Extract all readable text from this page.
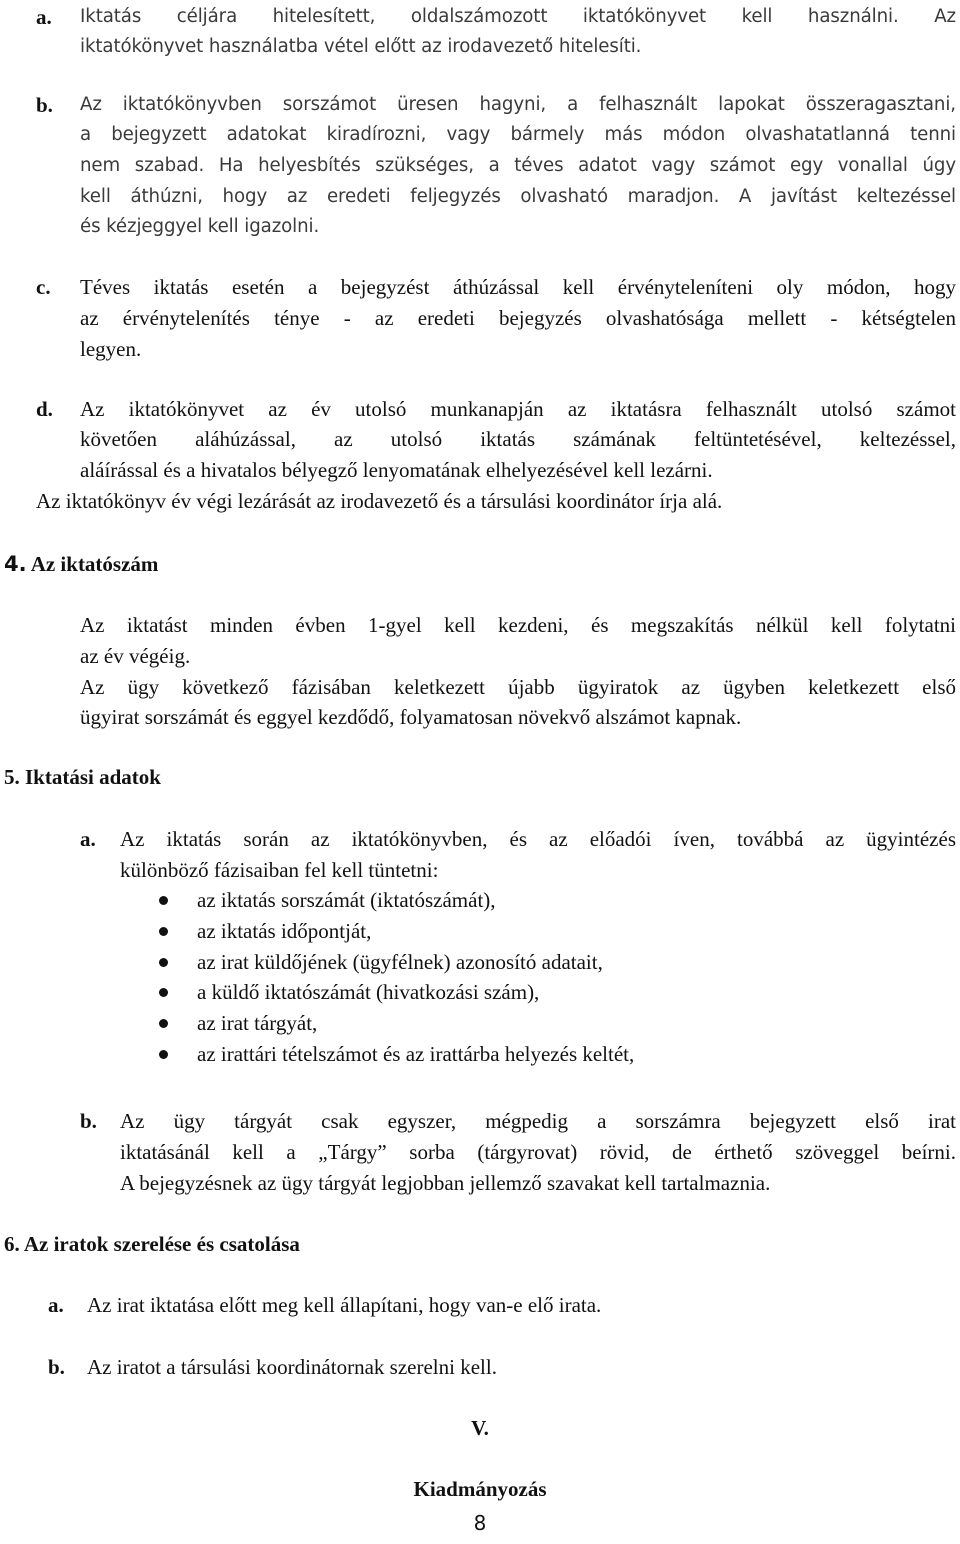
a. Iktatás céljára hitelesített, oldalszámozott iktatókönyvet kell használni. Az
iktatókönyvet használatba vétel előtt az irodavezető hitelesíti.
b. Az iktatókönyvben sorszámot üresen hagyni, a felhasznált lapokat összeragasztani,
a bejegyzett adatokat kiradírozni, vagy bármely más módon olvashatatlanná tenni
nem szabad. Ha helyesbítés szükséges, a téves adatot vagy számot egy vonallal úgy
kell áthúzni, hogy az eredeti feljegyzés olvasható maradjon. A javítást keltezéssel
és kézjeggyel kell igazolni.
c. Téves iktatás esetén a bejegyzést áthúzással kell érvényteleníteni oly módon, hogy
az érvénytelenítés ténye - az eredeti bejegyzés olvashatósága mellett - kétségtelen
legyen.
d. Az iktatókönyvet az év utolsó munkanapján az iktatásra felhasznált utolsó számot
követően aláhúzással, az utolsó iktatás számának feltüntetésével, keltezéssel,
aláírással és a hivatalos bélyegző lenyomatának elhelyezésével kell lezárni.
Az iktatókönyv év végi lezárását az irodavezető és a társulási koordinátor írja alá.
4. Az iktatószám
Az iktatást minden évben 1-gyel kell kezdeni, és megszakítás nélkül kell folytatni
az év végéig.
Az ügy következő fázisában keletkezett újabb ügyiratok az ügyben keletkezett első
ügyirat sorszámát és eggyel kezdődő, folyamatosan növekvő alszámot kapnak.
5. Iktatási adatok
a. Az iktatás során az iktatókönyvben, és az előadói íven, továbbá az ügyintézés
különböző fázisaiban fel kell tüntetni:
az iktatás sorszámát (iktatószámát),
az iktatás időpontját,
az irat küldőjének (ügyfélnek) azonosító adatait,
a küldő iktatószámát (hivatkozási szám),
az irat tárgyát,
az irattári tételszámot és az irattárba helyezés keltét,
b. Az ügy tárgyát csak egyszer, mégpedig a sorszámra bejegyzett első irat
iktatásánál kell a „Tárgy” sorba (tárgyrovat) rövid, de érthető szöveggel beírni.
A bejegyzésnek az ügy tárgyát legjobban jellemző szavakat kell tartalmaznia.
6. Az iratok szerelése és csatolása
a. Az irat iktatása előtt meg kell állapítani, hogy van-e elő irata.
b. Az iratot a társulási koordinátornak szerelni kell.
V.
Kiadmányozás
8
